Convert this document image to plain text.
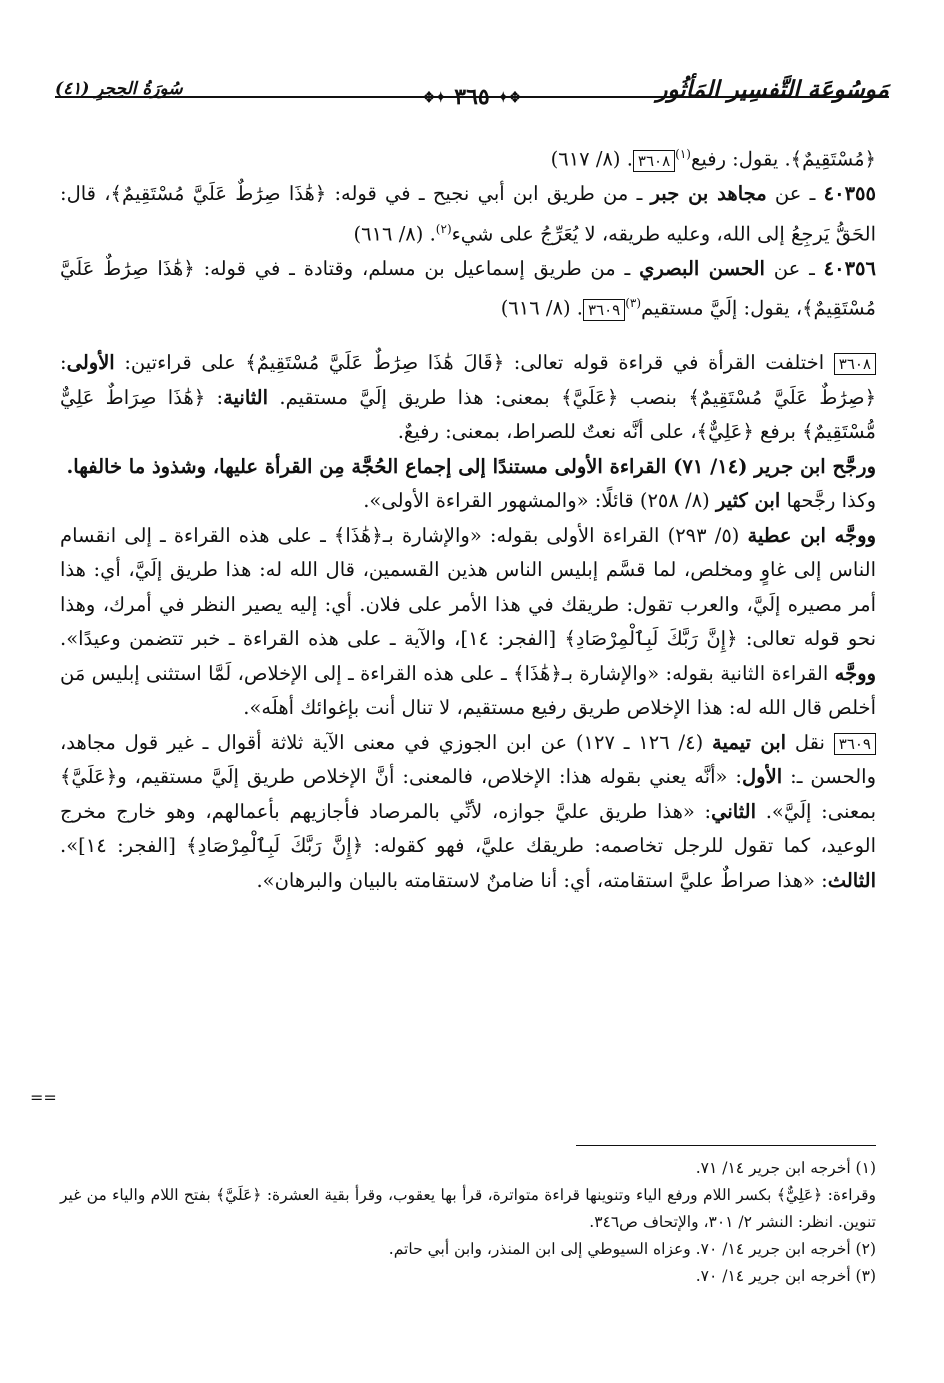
مَوسُوعَة التَّفسِير المَأثُور
سُورَةُ الحِجرِ (٤١)	✥✦ ٣٦٥ ✦✥

﴿مُسْتَقِيمٌ﴾. يقول: رفيع$^{(١)}$٣٦٠٨. (٨/ ٦١٧)

٤٠٣٥٥ ـ عن مجاهد بن جبر ـ من طريق ابن أبي نجيح ـ في قوله: ﴿هَٰذَا صِرَٰطٌ عَلَيَّ مُسْتَقِيمٌ﴾، قال: الحَقُّ يَرجِعُ إلى الله، وعليه طريقه، لا يُعَرِّجُ على شيء$^{(٢)}$. (٨/ ٦١٦)

٤٠٣٥٦ ـ عن الحسن البصري ـ من طريق إسماعيل بن مسلم، وقتادة ـ في قوله: ﴿هَٰذَا صِرَٰطٌ عَلَيَّ مُسْتَقِيمٌ﴾، يقول: إلَيَّ مستقيم$^{(٣)}$٣٦٠٩. (٨/ ٦١٦)

٣٦٠٨ اختلفت القرأة في قراءة قوله تعالى: ﴿قَالَ هَٰذَا صِرَٰطٌ عَلَيَّ مُسْتَقِيمٌ﴾ على قراءتين: الأولى: ﴿صِرَٰطٌ عَلَيَّ مُسْتَقِيمٌ﴾ بنصب ﴿عَلَيَّ﴾ بمعنى: هذا طريق إلَيَّ مستقيم. الثانية: ﴿هَٰذَا صِرَاطٌ عَلِيٌّ مُّسْتَقِيمٌ﴾ برفع ﴿عَلِيٌّ﴾، على أنَّه نعتٌ للصراط، بمعنى: رفيعٌ.

ورجَّح ابن جرير (١٤/ ٧١) القراءة الأولى مستندًا إلى إجماع الحُجَّة مِن القرأة عليها، وشذوذ ما خالفها.

وكذا رجَّحها ابن كثير (٨/ ٢٥٨) قائلًا: «والمشهور القراءة الأولى».

ووجَّه ابن عطية (٥/ ٢٩٣) القراءة الأولى بقوله: «والإشارة بـ﴿هَٰذَا﴾ ـ على هذه القراءة ـ إلى انقسام الناس إلى غاوٍ ومخلص، لما قسَّم إبليس الناس هذين القسمين، قال الله له: هذا طريق إلَيَّ، أي: هذا أمر مصيره إلَيَّ، والعرب تقول: طريقك في هذا الأمر على فلان. أي: إليه يصير النظر في أمرك، وهذا نحو قوله تعالى: ﴿إِنَّ رَبَّكَ لَبِٱلْمِرْصَادِ﴾ [الفجر: ١٤]، والآية ـ على هذه القراءة ـ خبر تتضمن وعيدًا». ووجَّه القراءة الثانية بقوله: «والإشارة بـ﴿هَٰذَا﴾ ـ على هذه القراءة ـ إلى الإخلاص، لَمَّا استثنى إبليس مَن أخلص قال الله له: هذا الإخلاص طريق رفيع مستقيم، لا تنال أنت بإغوائك أهلَه».

٣٦٠٩ نقل ابن تيمية (٤/ ١٢٦ ـ ١٢٧) عن ابن الجوزي في معنى الآية ثلاثة أقوال ـ غير قول مجاهد، والحسن ـ: الأول: «أنَّه يعني بقوله هذا: الإخلاص، فالمعنى: أنَّ الإخلاص طريق إلَيَّ مستقيم، و﴿عَلَيَّ﴾ بمعنى: إلَيَّ». الثاني: «هذا طريق عليَّ جوازه، لأنِّي بالمرصاد فأجازيهم بأعمالهم، وهو خارج مخرج الوعيد، كما تقول للرجل تخاصمه: طريقك عليَّ، فهو كقوله: ﴿إِنَّ رَبَّكَ لَبِٱلْمِرْصَادِ﴾ [الفجر: ١٤]». الثالث: «هذا صراطٌ عليَّ استقامته، أي: أنا ضامنٌ لاستقامته بالبيان والبرهان».

==

(١) أخرجه ابن جرير ١٤/ ٧١.

وقراءة: ﴿عَلِيٌّ﴾ بكسر اللام ورفع الياء وتنوينها قراءة متواترة، قرأ بها يعقوب، وقرأ بقية العشرة: ﴿عَلَيَّ﴾ بفتح اللام والياء من غير تنوين. انظر: النشر ٢/ ٣٠١، والإتحاف ص٣٤٦.

(٢) أخرجه ابن جرير ١٤/ ٧٠. وعزاه السيوطي إلى ابن المنذر، وابن أبي حاتم.

(٣) أخرجه ابن جرير ١٤/ ٧٠.
